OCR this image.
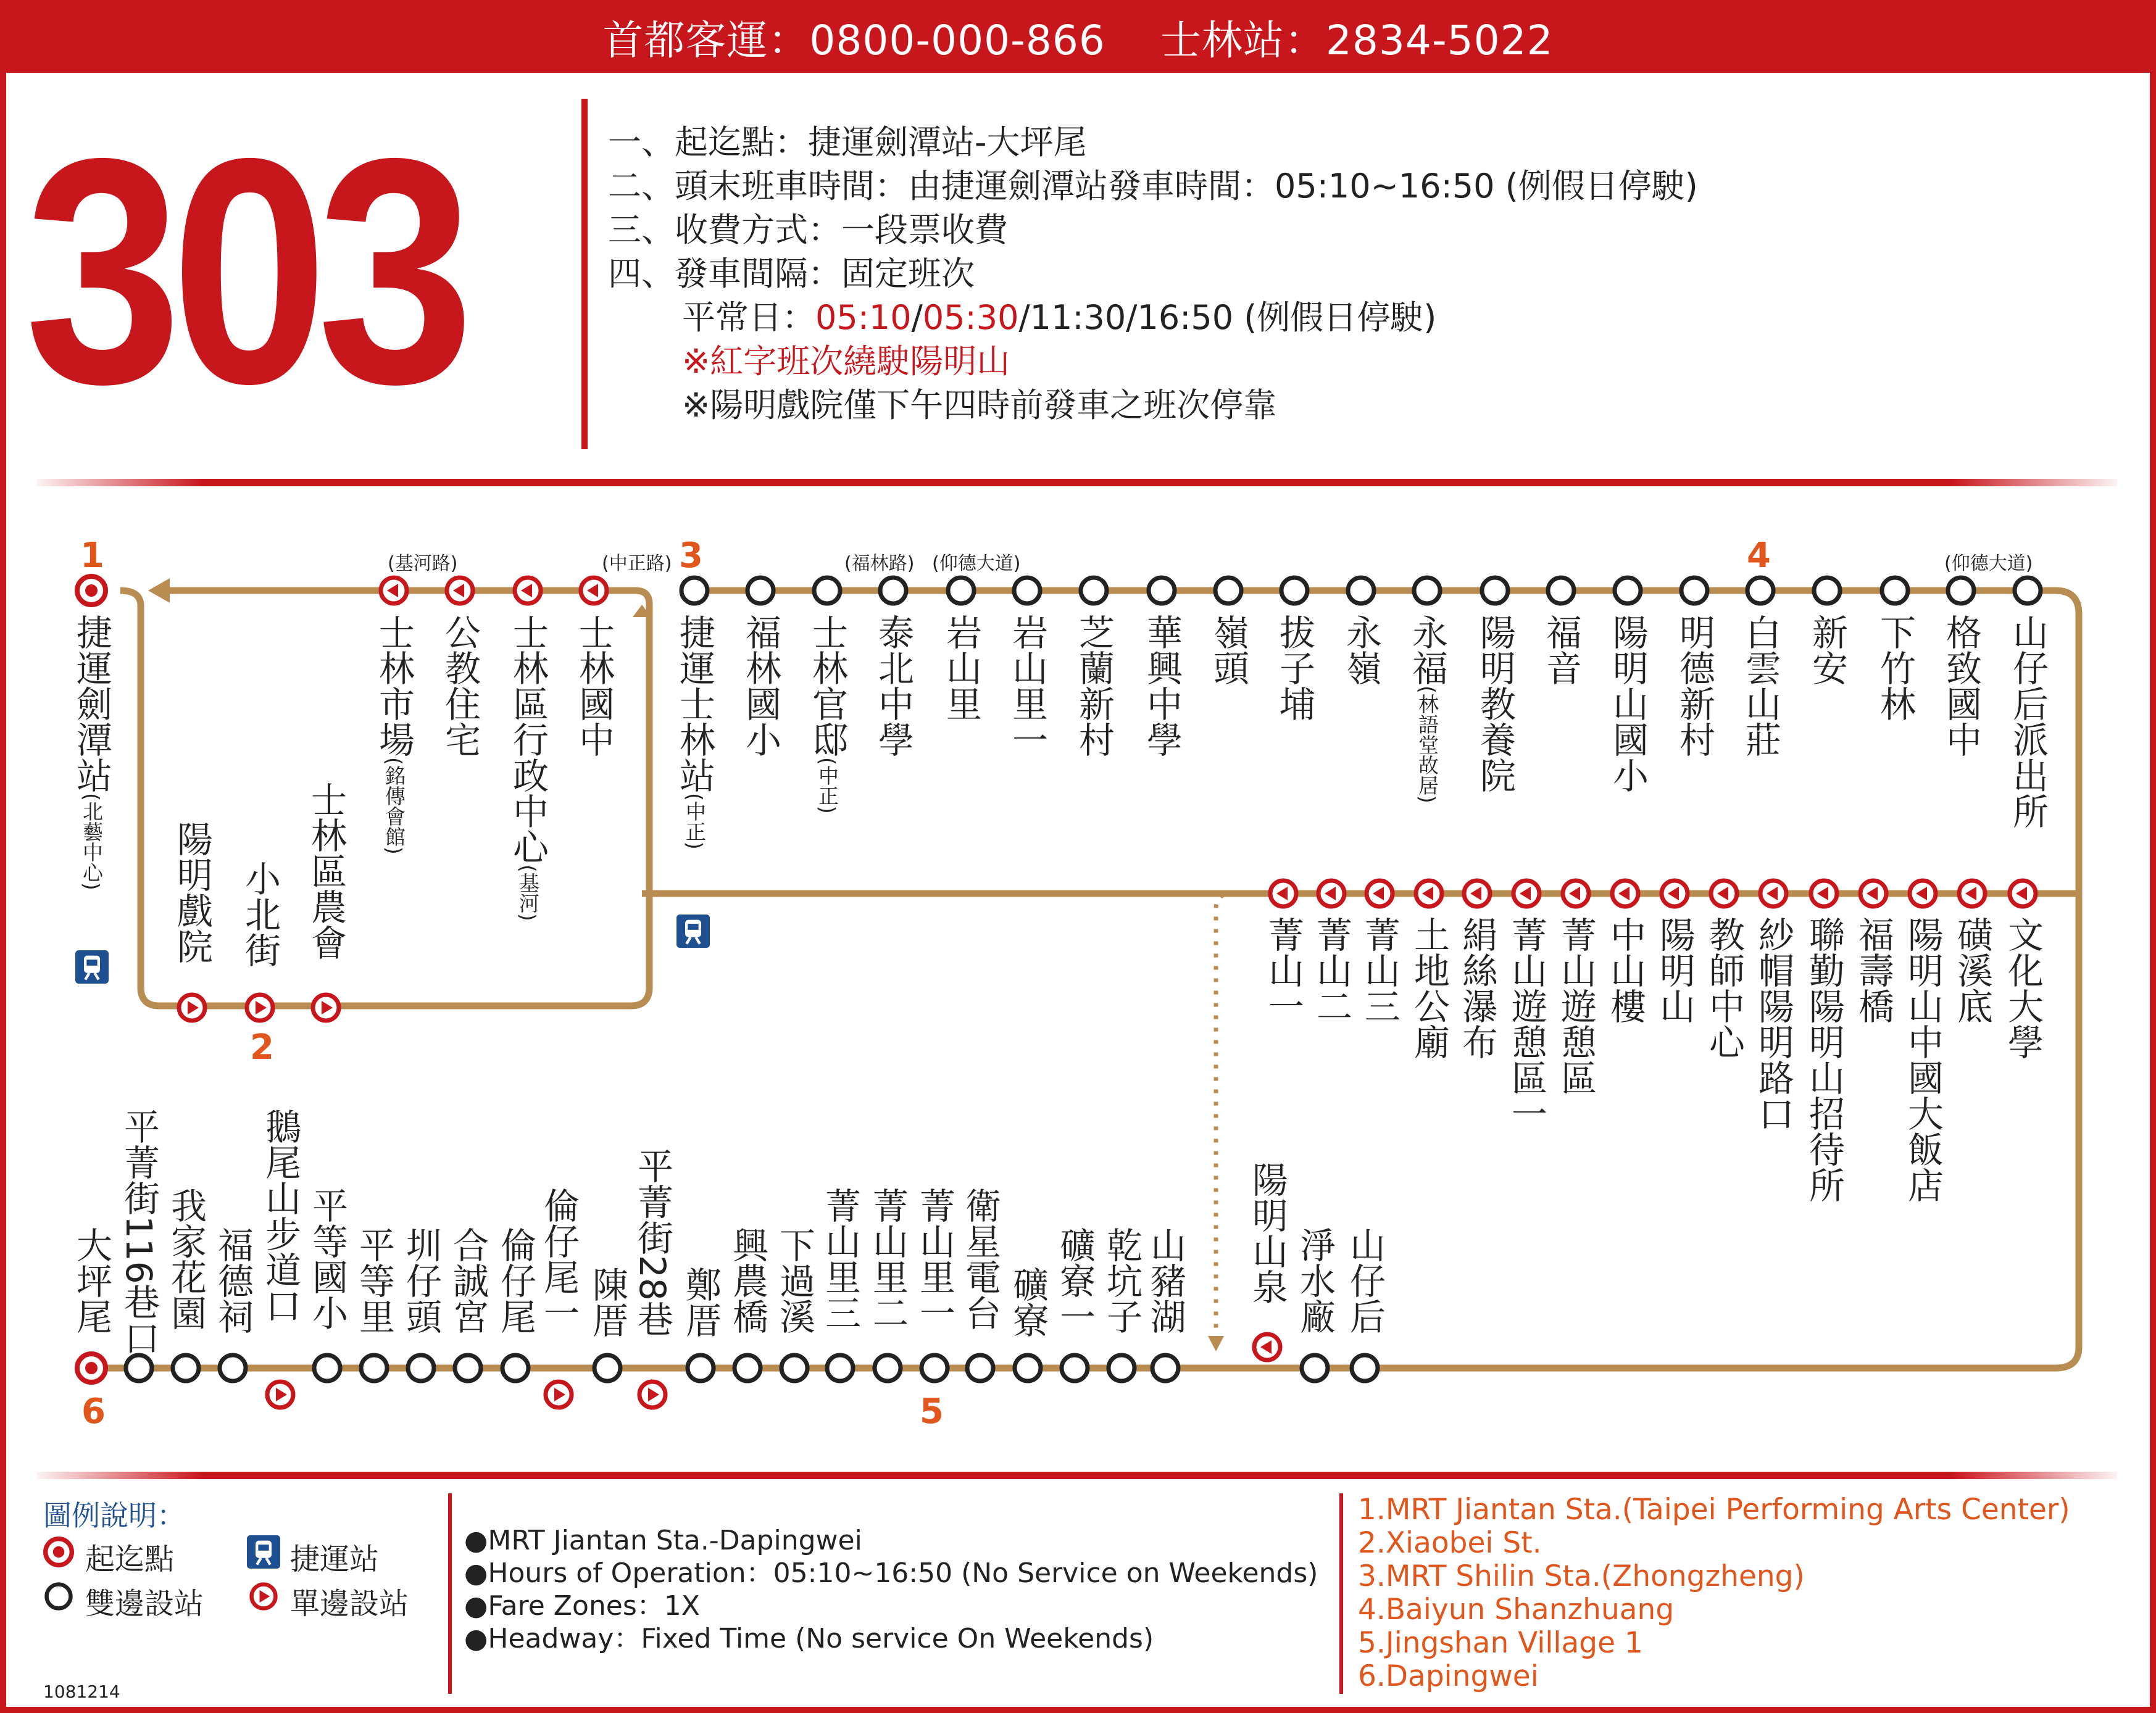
首都客運：0800-000-866　 士林站：2834-5022
303	一、起迄點：捷運劍潭站-大坪尾
二、頭末班車時間：由捷運劍潭站發車時間：05:10~16:50 (例假日停駛)
三、收費方式：一段票收費
四、發車間隔：固定班次
平常日：05:10/05:30/11:30/16:50 (例假日停駛)
※紅字班次繞駛陽明山
※陽明戲院僅下午四時前發車之班次停靠
1
2
3	4
5
6
(基河路)	(中正路)	(福林路) (仰德大道)	(仰德大道)
捷運劍潭站(北藝中心)
士林市場(銘傳會館)
公教住宅 士林區行政中心(基河)
士林國中 捷運士林站(中正)
福林國小 士林官邸(中正)
泰北中學 岩山里 岩山里一 芝蘭新村 華興中學 嶺頭 拔子埔 永嶺 永福(林語堂故居) 陽明教養院 福音 陽明山國小 明德新村 白雲山莊 新安 下竹林 格致國中 山仔后派出所
陽明戲院 小北街 士林區農會
菁山一 菁山二 菁山三 土地公廟 絹絲瀑布 菁山遊憩區一 菁山遊憩區 中山樓 陽明山 教師中心 紗帽陽明路口 聯勤陽明山招待所 福壽橋 陽明山中國大飯店 磺溪底 文化大學
大坪尾 平菁街116巷口 我家花園 福德祠 鵝尾山步道口 平等國小 平等里 圳仔頭 合誠宮 倫仔尾 倫仔尾一 陳厝 平菁街28巷 鄭厝 興農橋 下過溪 菁山里三 菁山里二 菁山里一 衛星電台 礦寮 礦寮一 乾坑子 山豬湖 陽明山泉 淨水廠 山仔后
圖例說明：
起迄點
雙邊設站
捷運站
單邊設站
●MRT Jiantan Sta.-Dapingwei
●Hours of Operation：05:10~16:50 (No Service on Weekends)
●Fare Zones：1X
●Headway：Fixed Time (No service On Weekends)
1.MRT Jiantan Sta.(Taipei Performing Arts Center)
2.Xiaobei St.
3.MRT Shilin Sta.(Zhongzheng)
4.Baiyun Shanzhuang
5.Jingshan Village 1
6.Dapingwei
1081214
